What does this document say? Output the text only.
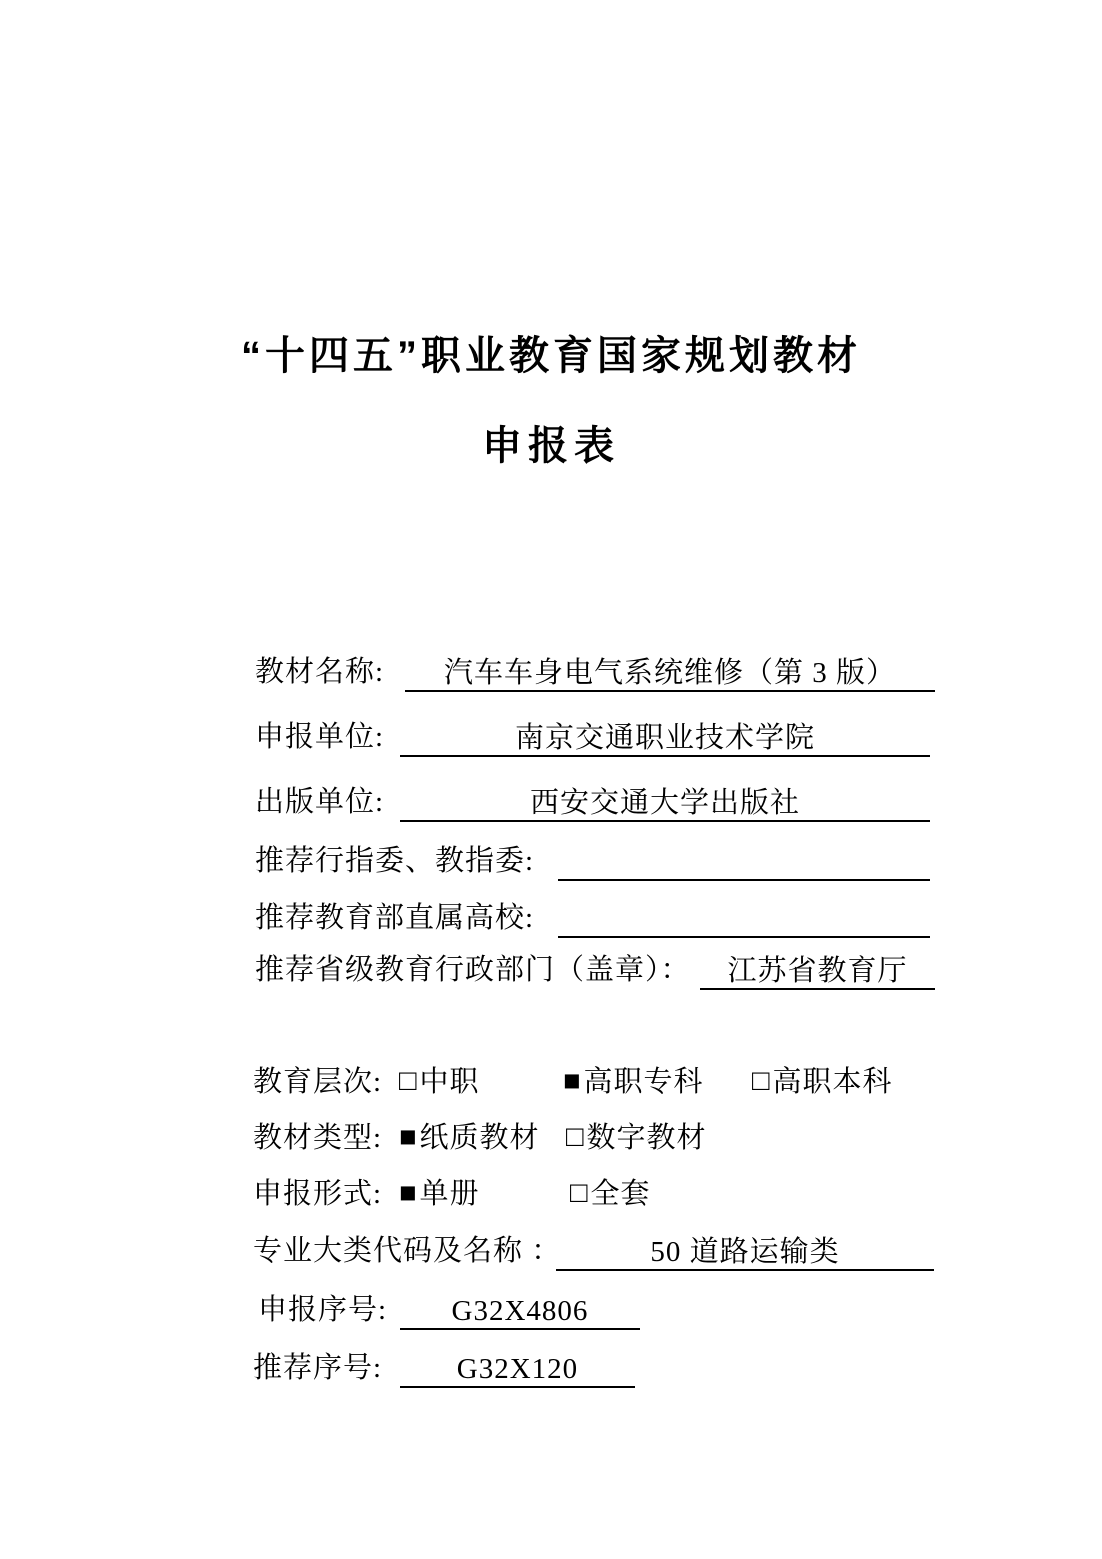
“十四五”职业教育国家规划教材
申报表
教材名称:	汽车车身电气系统维修（第 3 版）
申报单位:	南京交通职业技术学院
出版单位:	西安交通大学出版社
推荐行指委、教指委:
推荐教育部直属高校:
推荐省级教育行政部门（盖章）：	江苏省教育厅
教育层次: □中职	■高职专科 □高职本科
教材类型: ■纸质教材 □数字教材
申报形式: ■单册	□全套
专业大类代码及名称 ：	50 道路运输类
申报序号:	G32X4806
推荐序号:	G32X120
